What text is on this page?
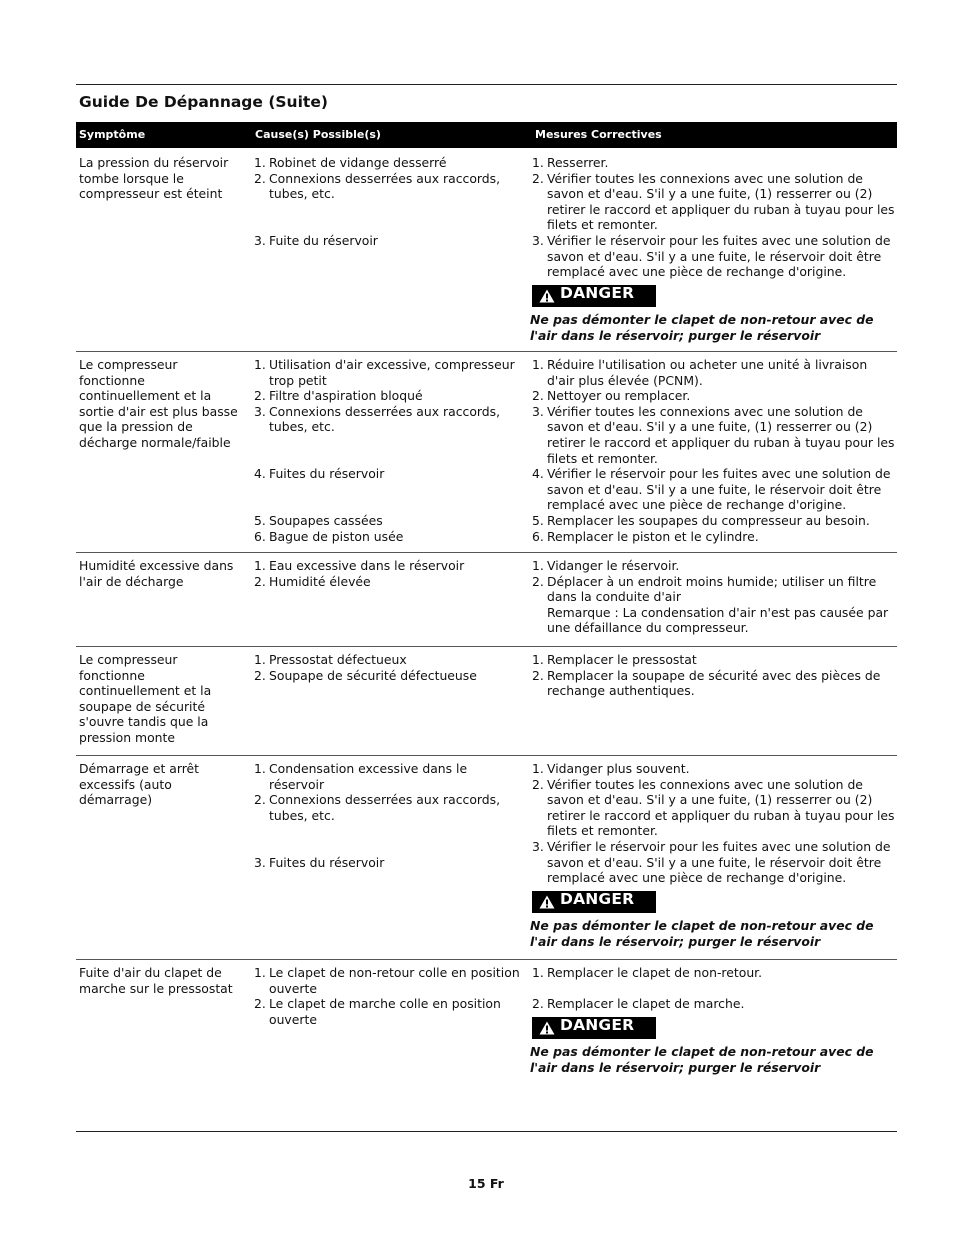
Guide De Dépannage (Suite)
Symptôme	Cause(s) Possible(s)	Mesures Correctives
La pression du réservoir tombe lorsque le compresseur est éteint
1. Robinet de vidange desserré
2. Connexions desserrées aux raccords, tubes, etc.
3. Fuite du réservoir
1. Resserrer.
2. Vérifier toutes les connexions avec une solution de savon et d'eau. S'il y a une fuite, (1) resserrer ou (2) retirer le raccord et appliquer du ruban à tuyau pour les filets et remonter.
3. Vérifier le réservoir pour les fuites avec une solution de savon et d'eau. S'il y a une fuite, le réservoir doit être remplacé avec une pièce de rechange d'origine.
DANGER
Ne pas démonter le clapet de non-retour avec de l'air dans le réservoir; purger le réservoir
Le compresseur fonctionne continuellement et la sortie d'air est plus basse que la pression de décharge normale/faible
1. Utilisation d'air excessive, compresseur trop petit
2. Filtre d'aspiration bloqué
3. Connexions desserrées aux raccords, tubes, etc.
4. Fuites du réservoir
5. Soupapes cassées
6. Bague de piston usée
1. Réduire l'utilisation ou acheter une unité à livraison d'air plus élevée (PCNM).
2. Nettoyer ou remplacer.
3. Vérifier toutes les connexions avec une solution de savon et d'eau. S'il y a une fuite, (1) resserrer ou (2) retirer le raccord et appliquer du ruban à tuyau pour les filets et remonter.
4. Vérifier le réservoir pour les fuites avec une solution de savon et d'eau. S'il y a une fuite, le réservoir doit être remplacé avec une pièce de rechange d'origine.
5. Remplacer les soupapes du compresseur au besoin.
6. Remplacer le piston et le cylindre.
Humidité excessive dans l'air de décharge
1. Eau excessive dans le réservoir
2. Humidité élevée
1. Vidanger le réservoir.
2. Déplacer à un endroit moins humide; utiliser un filtre dans la conduite d'air
Remarque : La condensation d'air n'est pas causée par une défaillance du compresseur.
Le compresseur fonctionne continuellement et la soupape de sécurité s'ouvre tandis que la pression monte
1. Pressostat défectueux
2. Soupape de sécurité défectueuse
1. Remplacer le pressostat
2. Remplacer la soupape de sécurité avec des pièces de rechange authentiques.
Démarrage et arrêt excessifs (auto démarrage)
1. Condensation excessive dans le réservoir
2. Connexions desserrées aux raccords, tubes, etc.
3. Fuites du réservoir
1. Vidanger plus souvent.
2. Vérifier toutes les connexions avec une solution de savon et d'eau. S'il y a une fuite, (1) resserrer ou (2) retirer le raccord et appliquer du ruban à tuyau pour les filets et remonter.
3. Vérifier le réservoir pour les fuites avec une solution de savon et d'eau. S'il y a une fuite, le réservoir doit être remplacé avec une pièce de rechange d'origine.
DANGER
Ne pas démonter le clapet de non-retour avec de l'air dans le réservoir; purger le réservoir
Fuite d'air du clapet de marche sur le pressostat
1. Le clapet de non-retour colle en position ouverte
2. Le clapet de marche colle en position ouverte
1. Remplacer le clapet de non-retour.
2. Remplacer le clapet de marche.
DANGER
Ne pas démonter le clapet de non-retour avec de l'air dans le réservoir; purger le réservoir
15 Fr
